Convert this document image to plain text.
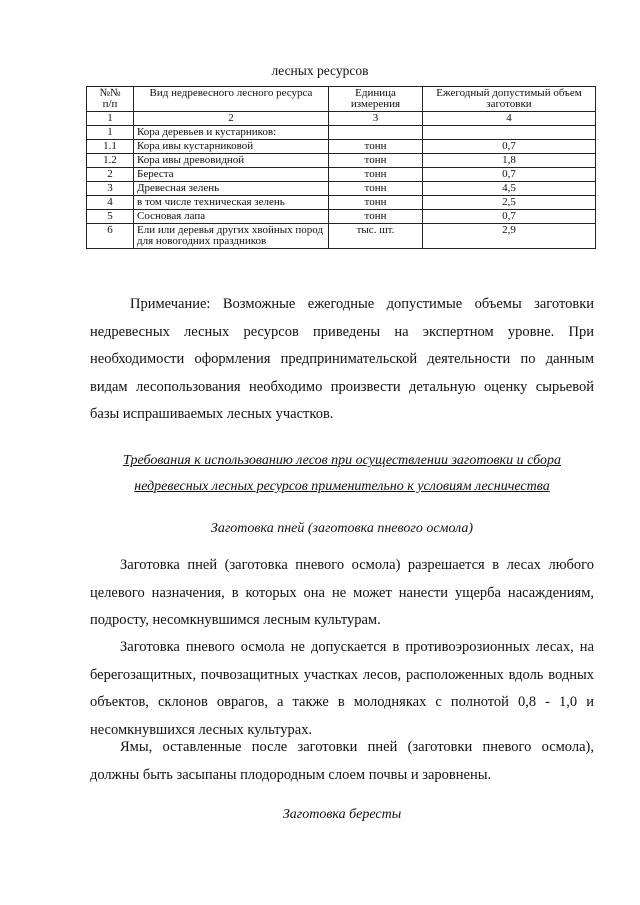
лесных ресурсов
№№
п/п	Вид недревесного лесного ресурса	Единица измерения	Ежегодный допустимый объем заготовки
1	2	3	4
1	Кора деревьев и кустарников:		
1.1	Кора ивы кустарниковой	тонн	0,7
1.2	Кора ивы древовидной	тонн	1,8
2	Береста	тонн	0,7
3	Древесная зелень	тонн	4,5
4	в том числе техническая зелень	тонн	2,5
5	Сосновая лапа	тонн	0,7
6	Ели или деревья других хвойных пород для новогодних праздников	тыс. шт.	2,9
Примечание: Возможные ежегодные допустимые объемы заготовки недревесных лесных ресурсов приведены на экспертном уровне. При необходимости оформления предпринимательской деятельности по данным видам лесопользования необходимо произвести детальную оценку сырьевой базы испрашиваемых лесных участков.
Требования к использованию лесов при осуществлении заготовки и сбора недревесных лесных ресурсов применительно к условиям лесничества
Заготовка пней (заготовка пневого осмола)
Заготовка пней (заготовка пневого осмола) разрешается в лесах любого целевого назначения, в которых она не может нанести ущерба насаждениям, подросту, несомкнувшимся лесным культурам.
Заготовка пневого осмола не допускается в противоэрозионных лесах, на берегозащитных, почвозащитных участках лесов, расположенных вдоль водных объектов, склонов оврагов, а также в молодняках с полнотой 0,8 - 1,0 и несомкнувшихся лесных культурах.
Ямы, оставленные после заготовки пней (заготовки пневого осмола), должны быть засыпаны плодородным слоем почвы и заровнены.
Заготовка бересты
